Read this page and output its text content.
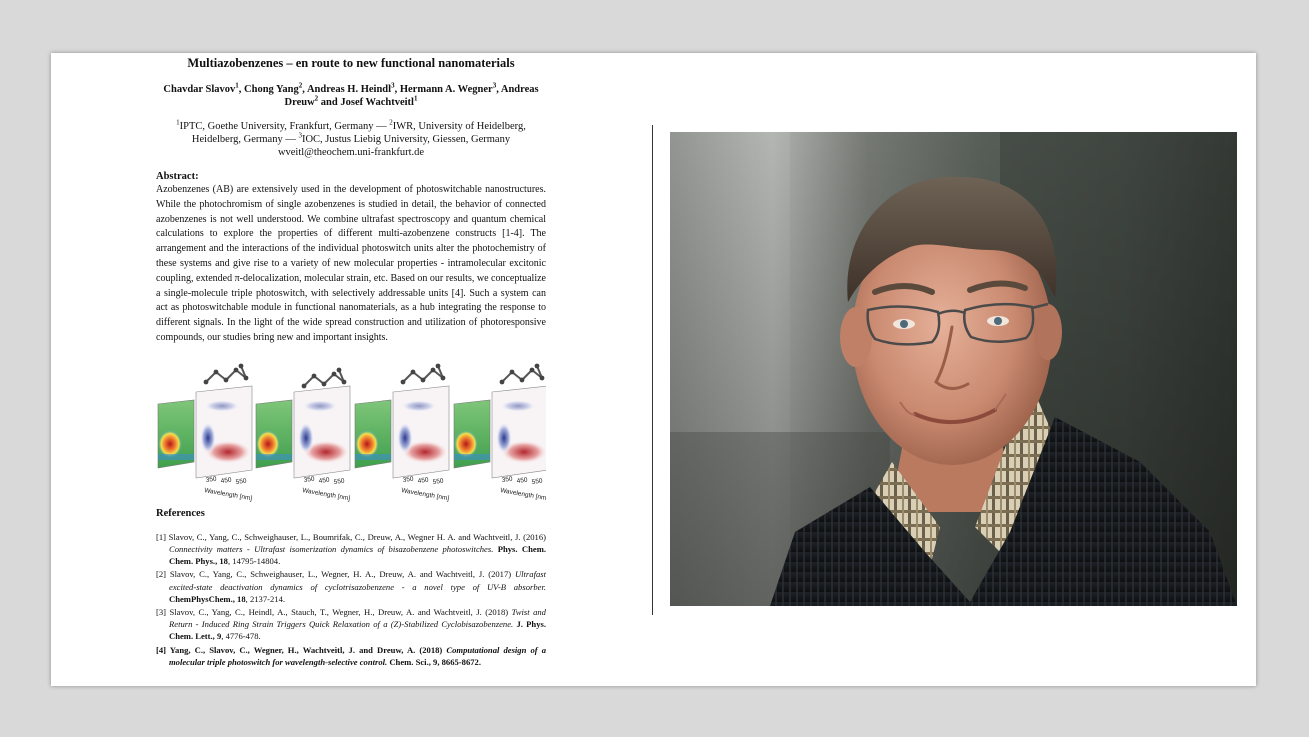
Multiazobenzenes – en route to new functional nanomaterials
Chavdar Slavov$^1$, Chong Yang$^2$, Andreas H. Heindl$^3$, Hermann A. Wegner$^3$, Andreas Dreuw$^2$ and Josef Wachtveitl$^1$
$^1$IPTC, Goethe University, Frankfurt, Germany — $^2$IWR, University of Heidelberg, Heidelberg, Germany — $^3$IOC, Justus Liebig University, Giessen, Germany
wveitl@theochem.uni-frankfurt.de
Abstract:
Azobenzenes (AB) are extensively used in the development of photoswitchable nanostructures. While the photochromism of single azobenzenes is studied in detail, the behavior of connected azobenzenes is not well understood. We combine ultrafast spectroscopy and quantum chemical calculations to explore the properties of different multi-azobenzene constructs [1-4]. The arrangement and the interactions of the individual photoswitch units alter the photochemistry of these systems and give rise to a variety of new molecular properties - intramolecular excitonic coupling, extended π-delocalization, molecular strain, etc. Based on our results, we conceptualize a single-molecule triple photoswitch, with selectively addressable units [4]. Such a system can act as photoswitchable module in functional nanomaterials, as a hub integrating the response to different signals. In the light of the wide spread construction and utilization of photoresponsive compounds, our studies bring new and important insights.
350 450 550
Wavelength [nm]
350 450 550
Wavelength [nm]
350 450 550
Wavelength [nm]
350 450 550
Wavelength [nm]
References
[1] Slavov, C., Yang, C., Schweighauser, L., Boumrifak, C., Dreuw, A., Wegner H. A. and Wachtveitl, J. (2016) Connectivity matters - Ultrafast isomerization dynamics of bisazobenzene photoswitches. Phys. Chem. Chem. Phys., 18, 14795-14804.
[2] Slavov, C., Yang, C., Schweighauser, L., Wegner, H. A., Dreuw, A. and Wachtveitl, J. (2017) Ultrafast excited-state deactivation dynamics of cyclotrisazobenzene - a novel type of UV-B absorber. ChemPhysChem., 18, 2137-214.
[3] Slavov, C., Yang, C., Heindl, A., Stauch, T., Wegner, H., Dreuw, A. and Wachtveitl, J. (2018) Twist and Return - Induced Ring Strain Triggers Quick Relaxation of a (Z)-Stabilized Cyclobisazobenzene. J. Phys. Chem. Lett., 9, 4776-478.
[4] Yang, C., Slavov, C., Wegner, H., Wachtveitl, J. and Dreuw, A. (2018) Computational design of a molecular triple photoswitch for wavelength-selective control. Chem. Sci., 9, 8665-8672.
